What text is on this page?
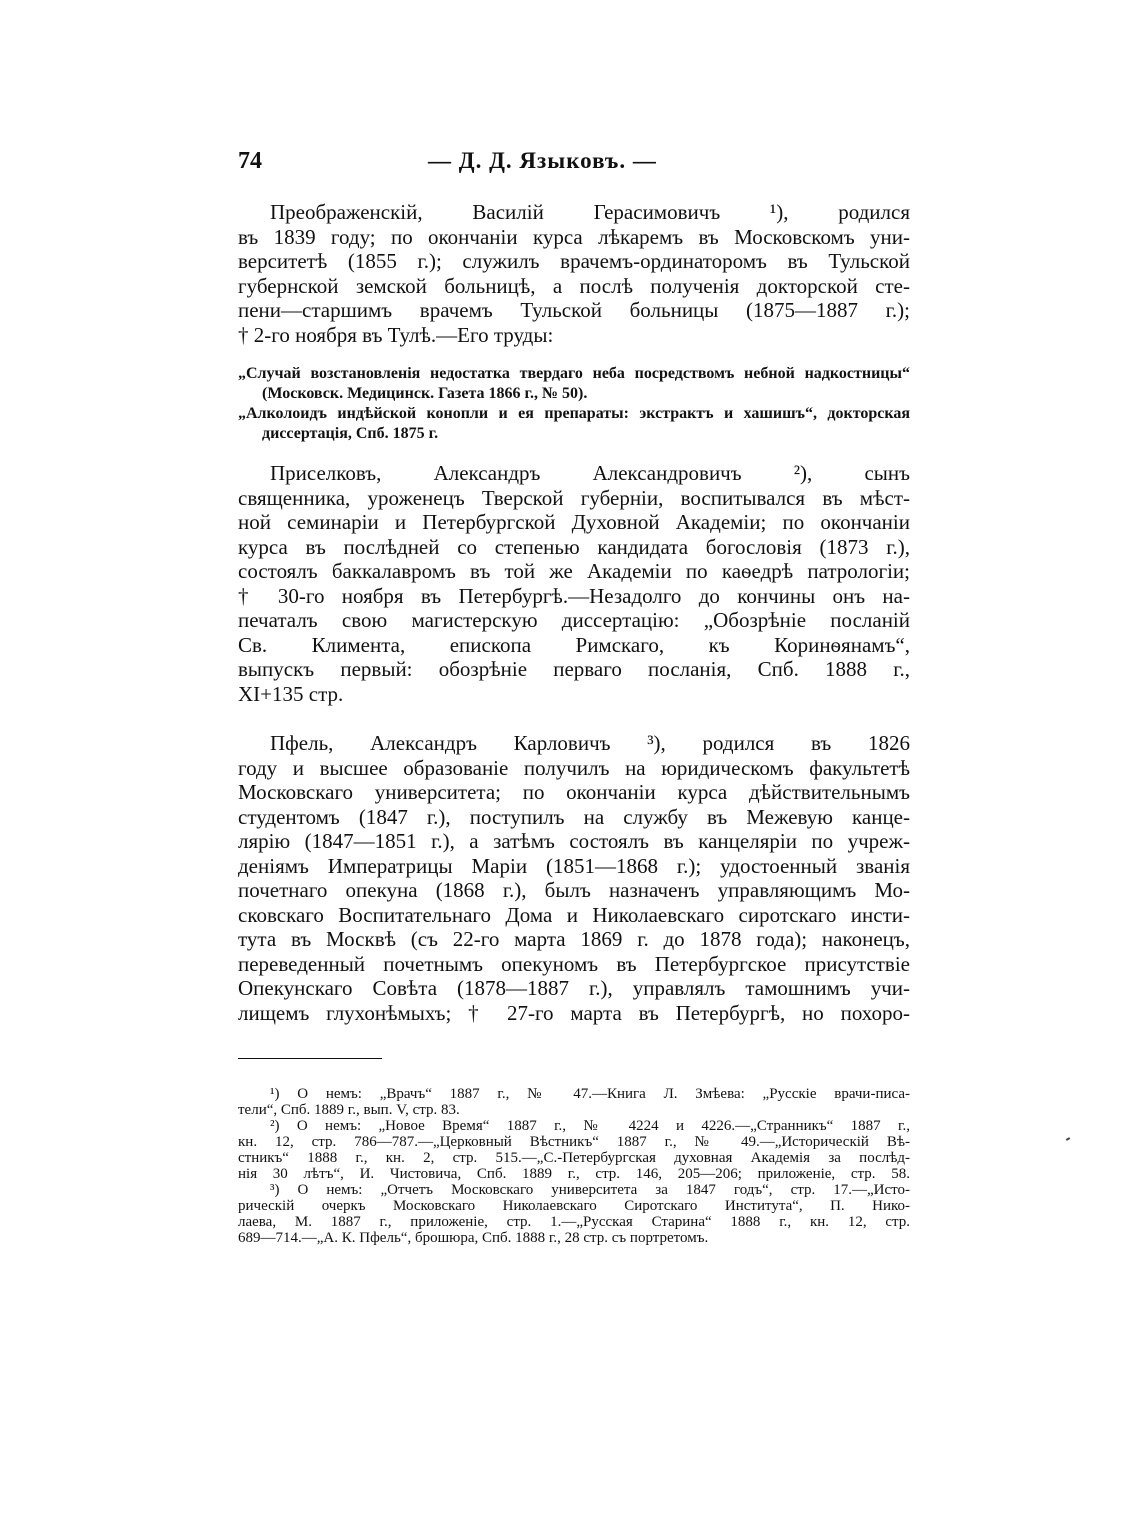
74	— Д. Д. Языковъ. —
Преображенскій, Василій Герасимовичъ ¹), родился
въ 1839 году; по окончаніи курса лѣкаремъ въ Московскомъ уни-
верситетѣ (1855 г.); служилъ врачемъ-ординаторомъ въ Тульской
губернской земской больницѣ, а послѣ полученія докторской сте-
пени—старшимъ врачемъ Тульской больницы (1875—1887 г.);
† 2-го ноября въ Тулѣ.—Его труды:
„Случай возстановленія недостатка твердаго неба посредствомъ небной надкостницы“
(Московск. Медицинск. Газета 1866 г., № 50).
„Алколоидъ индѣйской конопли и ея препараты: экстрактъ и хашишъ“, докторская
диссертація, Спб. 1875 г.
Приселковъ, Александръ Александровичъ ²), сынъ
священника, уроженецъ Тверской губерніи, воспитывался въ мѣст-
ной семинаріи и Петербургской Духовной Академіи; по окончаніи
курса въ послѣдней со степенью кандидата богословія (1873 г.),
состоялъ баккалавромъ въ той же Академіи по каѳедрѣ патрологіи;
† 30-го ноября въ Петербургѣ.—Незадолго до кончины онъ на-
печаталъ свою магистерскую диссертацію: „Обозрѣніе посланій
Св. Климента, епископа Римскаго, къ Коринѳянамъ“,
выпускъ первый: обозрѣніе перваго посланія, Спб. 1888 г.,
XI+135 стр.
Пфель, Александръ Карловичъ ³), родился въ 1826
году и высшее образованіе получилъ на юридическомъ факультетѣ
Московскаго университета; по окончаніи курса дѣйствительнымъ
студентомъ (1847 г.), поступилъ на службу въ Межевую канце-
лярію (1847—1851 г.), а затѣмъ состоялъ въ канцеляріи по учреж-
деніямъ Императрицы Маріи (1851—1868 г.); удостоенный званія
почетнаго опекуна (1868 г.), былъ назначенъ управляющимъ Мо-
сковскаго Воспитательнаго Дома и Николаевскаго сиротскаго инсти-
тута въ Москвѣ (съ 22-го марта 1869 г. до 1878 года); наконецъ,
переведенный почетнымъ опекуномъ въ Петербургское присутствіе
Опекунскаго Совѣта (1878—1887 г.), управлялъ тамошнимъ учи-
лищемъ глухонѣмыхъ; † 27-го марта въ Петербургѣ, но похоро-
¹) О немъ: „Врачъ“ 1887 г., № 47.—Книга Л. Змѣева: „Русскіе врачи-писа-
тели“, Спб. 1889 г., вып. V, стр. 83.
²) О немъ: „Новое Время“ 1887 г., № 4224 и 4226.—„Странникъ“ 1887 г.,
кн. 12, стр. 786—787.—„Церковный Вѣстникъ“ 1887 г., № 49.—„Историческій Вѣ-
стникъ“ 1888 г., кн. 2, стр. 515.—„С.-Петербургская духовная Академія за послѣд-
нія 30 лѣтъ“, И. Чистовича, Спб. 1889 г., стр. 146, 205—206; приложеніе, стр. 58.
³) О немъ: „Отчетъ Московскаго университета за 1847 годъ“, стр. 17.—„Исто-
рическій очеркъ Московскаго Николаевскаго Сиротскаго Института“, П. Нико-
лаева, М. 1887 г., приложеніе, стр. 1.—„Русская Старина“ 1888 г., кн. 12, стр.
689—714.—„А. К. Пфель“, брошюра, Спб. 1888 г., 28 стр. съ портретомъ.
